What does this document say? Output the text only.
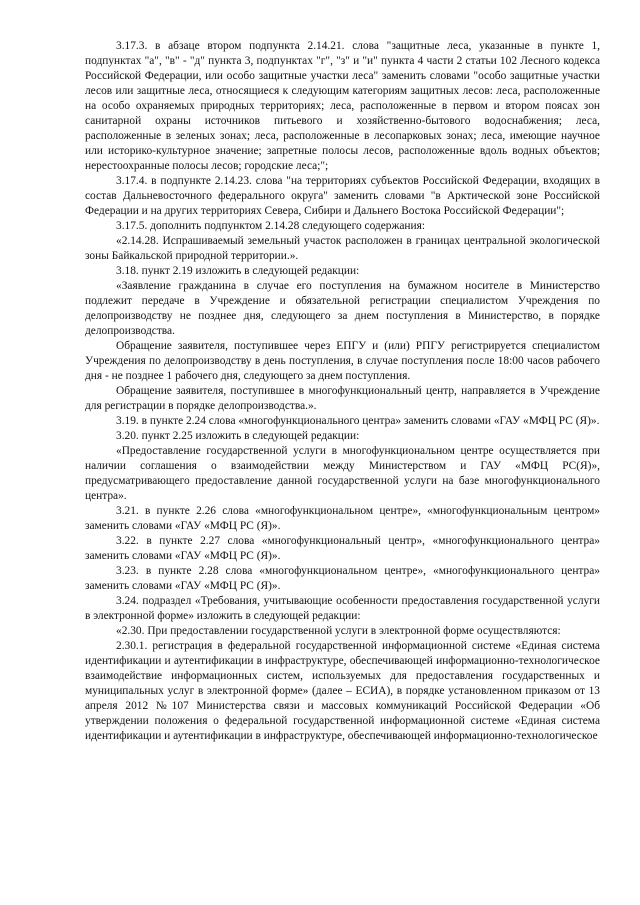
3.17.3. в абзаце втором подпункта 2.14.21. слова "защитные леса, указанные в пункте 1, подпунктах "а", "в" - "д" пункта 3, подпунктах "г", "з" и "и" пункта 4 части 2 статьи 102 Лесного кодекса Российской Федерации, или особо защитные участки леса" заменить словами "особо защитные участки лесов или защитные леса, относящиеся к следующим категориям защитных лесов: леса, расположенные на особо охраняемых природных территориях; леса, расположенные в первом и втором поясах зон санитарной охраны источников питьевого и хозяйственно-бытового водоснабжения; леса, расположенные в зеленых зонах; леса, расположенные в лесопарковых зонах; леса, имеющие научное или историко-культурное значение; запретные полосы лесов, расположенные вдоль водных объектов; нерестоохранные полосы лесов; городские леса;";

3.17.4. в подпункте 2.14.23. слова "на территориях субъектов Российской Федерации, входящих в состав Дальневосточного федерального округа" заменить словами "в Арктической зоне Российской Федерации и на других территориях Севера, Сибири и Дальнего Востока Российской Федерации";

3.17.5. дополнить подпунктом 2.14.28 следующего содержания:

«2.14.28. Испрашиваемый земельный участок расположен в границах центральной экологической зоны Байкальской природной территории.».

3.18. пункт 2.19 изложить в следующей редакции:

«Заявление гражданина в случае его поступления на бумажном носителе в Министерство подлежит передаче в Учреждение и обязательной регистрации специалистом Учреждения по делопроизводству не позднее дня, следующего за днем поступления в Министерство, в порядке делопроизводства.

Обращение заявителя, поступившее через ЕПГУ и (или) РПГУ регистрируется специалистом Учреждения по делопроизводству в день поступления, в случае поступления после 18:00 часов рабочего дня - не позднее 1 рабочего дня, следующего за днем поступления.

Обращение заявителя, поступившее в многофункциональный центр, направляется в Учреждение для регистрации в порядке делопроизводства.».

3.19. в пункте 2.24 слова «многофункционального центра» заменить словами «ГАУ «МФЦ РС (Я)».

3.20. пункт 2.25 изложить в следующей редакции:

«Предоставление государственной услуги в многофункциональном центре осуществляется при наличии соглашения о взаимодействии между Министерством и ГАУ «МФЦ РС(Я)», предусматривающего предоставление данной государственной услуги на базе многофункционального центра».

3.21. в пункте 2.26 слова «многофункциональном центре», «многофункциональным центром» заменить словами «ГАУ «МФЦ РС (Я)».

3.22. в пункте 2.27 слова «многофункциональный центр», «многофункционального центра» заменить словами «ГАУ «МФЦ РС (Я)».

3.23. в пункте 2.28 слова «многофункциональном центре», «многофункционального центра» заменить словами «ГАУ «МФЦ РС (Я)».

3.24. подраздел «Требования, учитывающие особенности предоставления государственной услуги в электронной форме» изложить в следующей редакции:

«2.30. При предоставлении государственной услуги в электронной форме осуществляются:

2.30.1. регистрация в федеральной государственной информационной системе «Единая система идентификации и аутентификации в инфраструктуре, обеспечивающей информационно-технологическое взаимодействие информационных систем, используемых для предоставления государственных и муниципальных услуг в электронной форме» (далее – ЕСИА), в порядке установленном приказом от 13 апреля 2012 №107 Министерства связи и массовых коммуникаций Российской Федерации «Об утверждении положения о федеральной государственной информационной системе «Единая система идентификации и аутентификации в инфраструктуре, обеспечивающей информационно-технологическое
